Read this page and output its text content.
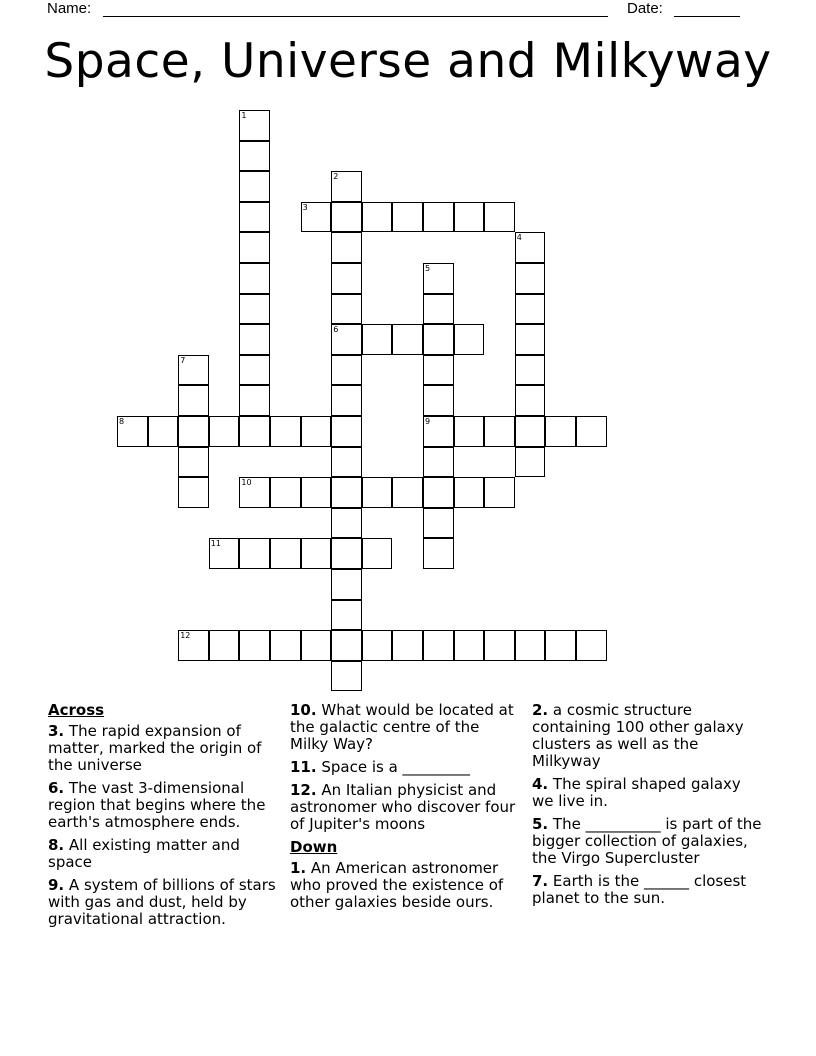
Name:	Date:
Space, Universe and Milkyway
1
2
6
3
4
5
9
7
8
10
11
12
Across
3. The rapid expansion of matter, marked the origin of the universe
6. The vast 3-dimensional region that begins where the earth's atmosphere ends.
8. All existing matter and space
9. A system of billions of stars with gas and dust, held by gravitational attraction.
10. What would be located at the galactic centre of the Milky Way?
11. Space is a _________
12. An Italian physicist and astronomer who discover four of Jupiter's moons
Down
1. An American astronomer who proved the existence of other galaxies beside ours.
2. a cosmic structure containing 100 other galaxy clusters as well as the Milkyway
4. The spiral shaped galaxy we live in.
5. The __________ is part of the bigger collection of galaxies, the Virgo Supercluster
7. Earth is the ______ closest planet to the sun.
